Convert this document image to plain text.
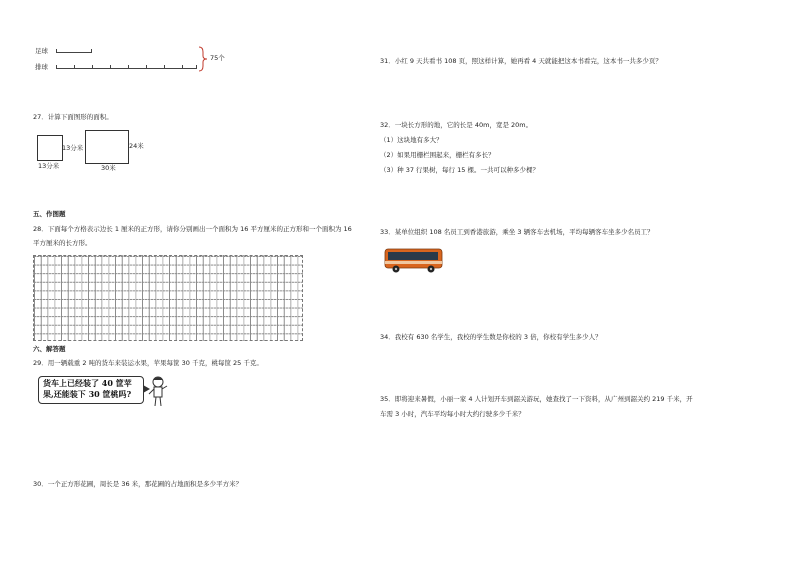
足球
排球
75个
27．计算下面图形的面积。
13分米
13分米
24米
30米
五、作图题
28．下面每个方格表示边长 1 厘米的正方形，请你分别画出一个面积为 16 平方厘米的正方形和一个面积为 16
平方厘米的长方形。
六、解答题
29．用一辆载重 2 吨的货车来装运水果，苹果每筐 30 千克，桃每筐 25 千克。
货车上已经装了 40 筐苹
果,还能装下 30 筐桃吗?
30．一个正方形花圃，周长是 36 米，那花圃的占地面积是多少平方米？
31．小红 9 天共看书 108 页，照这样计算，她再看 4 天就能把这本书看完，这本书一共多少页？
32．一块长方形的地，它的长是 40m，宽是 20m。
（1）这块地有多大？
（2）如果用栅栏围起来，栅栏有多长？
（3）种 37 行果树，每行 15 棵。一共可以种多少棵？
33．某单位组织 108 名员工到香港旅游，乘坐 3 辆客车去机场，平均每辆客车坐多少名员工？
34．我校有 630 名学生，我校的学生数是你校的 3 倍，你校有学生多少人？
35．即将迎来暑假，小丽一家 4 人计划开车到韶关游玩，她查找了一下资料，从广州到韶关约 219 千米，开
车需 3 小时，汽车平均每小时大约行驶多少千米？
